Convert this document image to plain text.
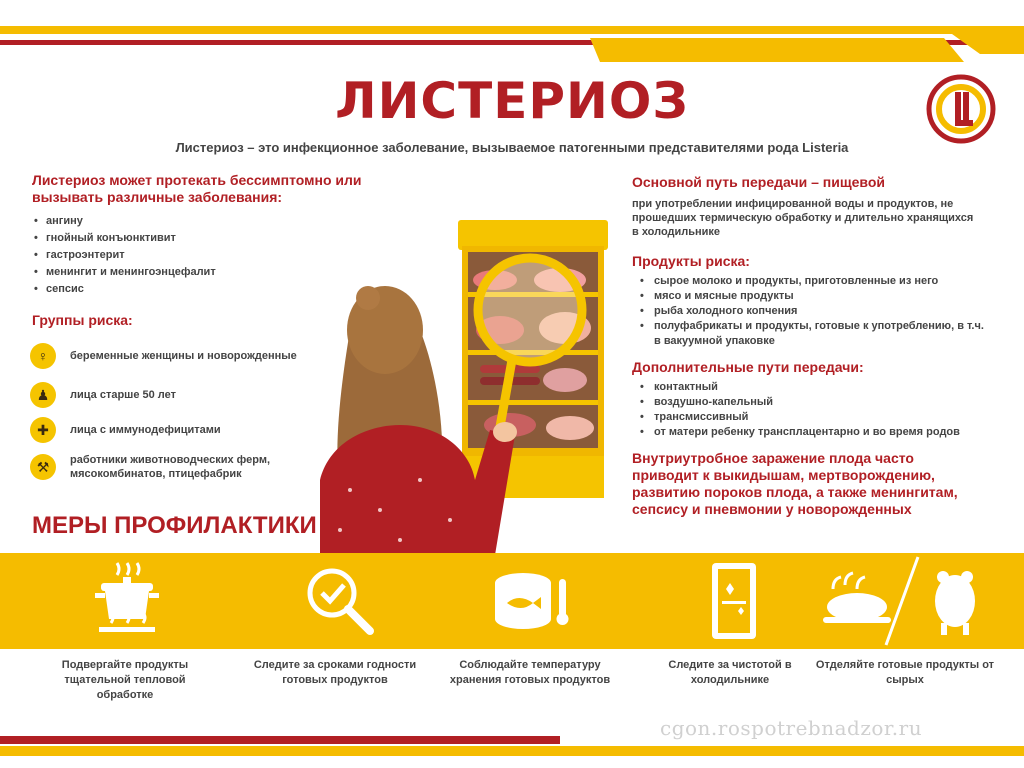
ЛИСТЕРИОЗ
Листериоз – это инфекционное заболевание, вызываемое патогенными представителями рода Listeria
Листериоз может протекать бессимптомно или вызывать различные заболевания:
• ангину
• гнойный конъюнктивит
• гастроэнтерит
• менингит и менингоэнцефалит
• сепсис
Группы риска:
♀	беременные женщины и новорожденные
♟	лица старше 50 лет
✚	лица с иммунодефицитами
⚒	работники животноводческих ферм, мясокомбинатов, птицефабрик
МЕРЫ ПРОФИЛАКТИКИ
Основной путь передачи – пищевой
при употреблении инфицированной воды и продуктов, не прошедших термическую обработку и длительно хранящихся в холодильнике
Продукты риска:
• сырое молоко и продукты, приготовленные из него
• мясо и мясные продукты
• рыба холодного копчения
• полуфабрикаты и продукты, готовые к употреблению, в т.ч. в вакуумной упаковке
Дополнительные пути передачи:
• контактный
• воздушно-капельный
• трансмиссивный
• от матери ребенку трансплацентарно и во время родов
Внутриутробное заражение плода часто приводит к выкидышам, мертворождению, развитию пороков плода, а также менингитам, сепсису и пневмонии у новорожденных
Подвергайте продукты тщательной тепловой обработке
Следите за сроками годности готовых продуктов
Соблюдайте температуру хранения готовых продуктов
Следите за чистотой в холодильнике
Отделяйте готовые продукты от сырых
cgon.rospotrebnadzor.ru
